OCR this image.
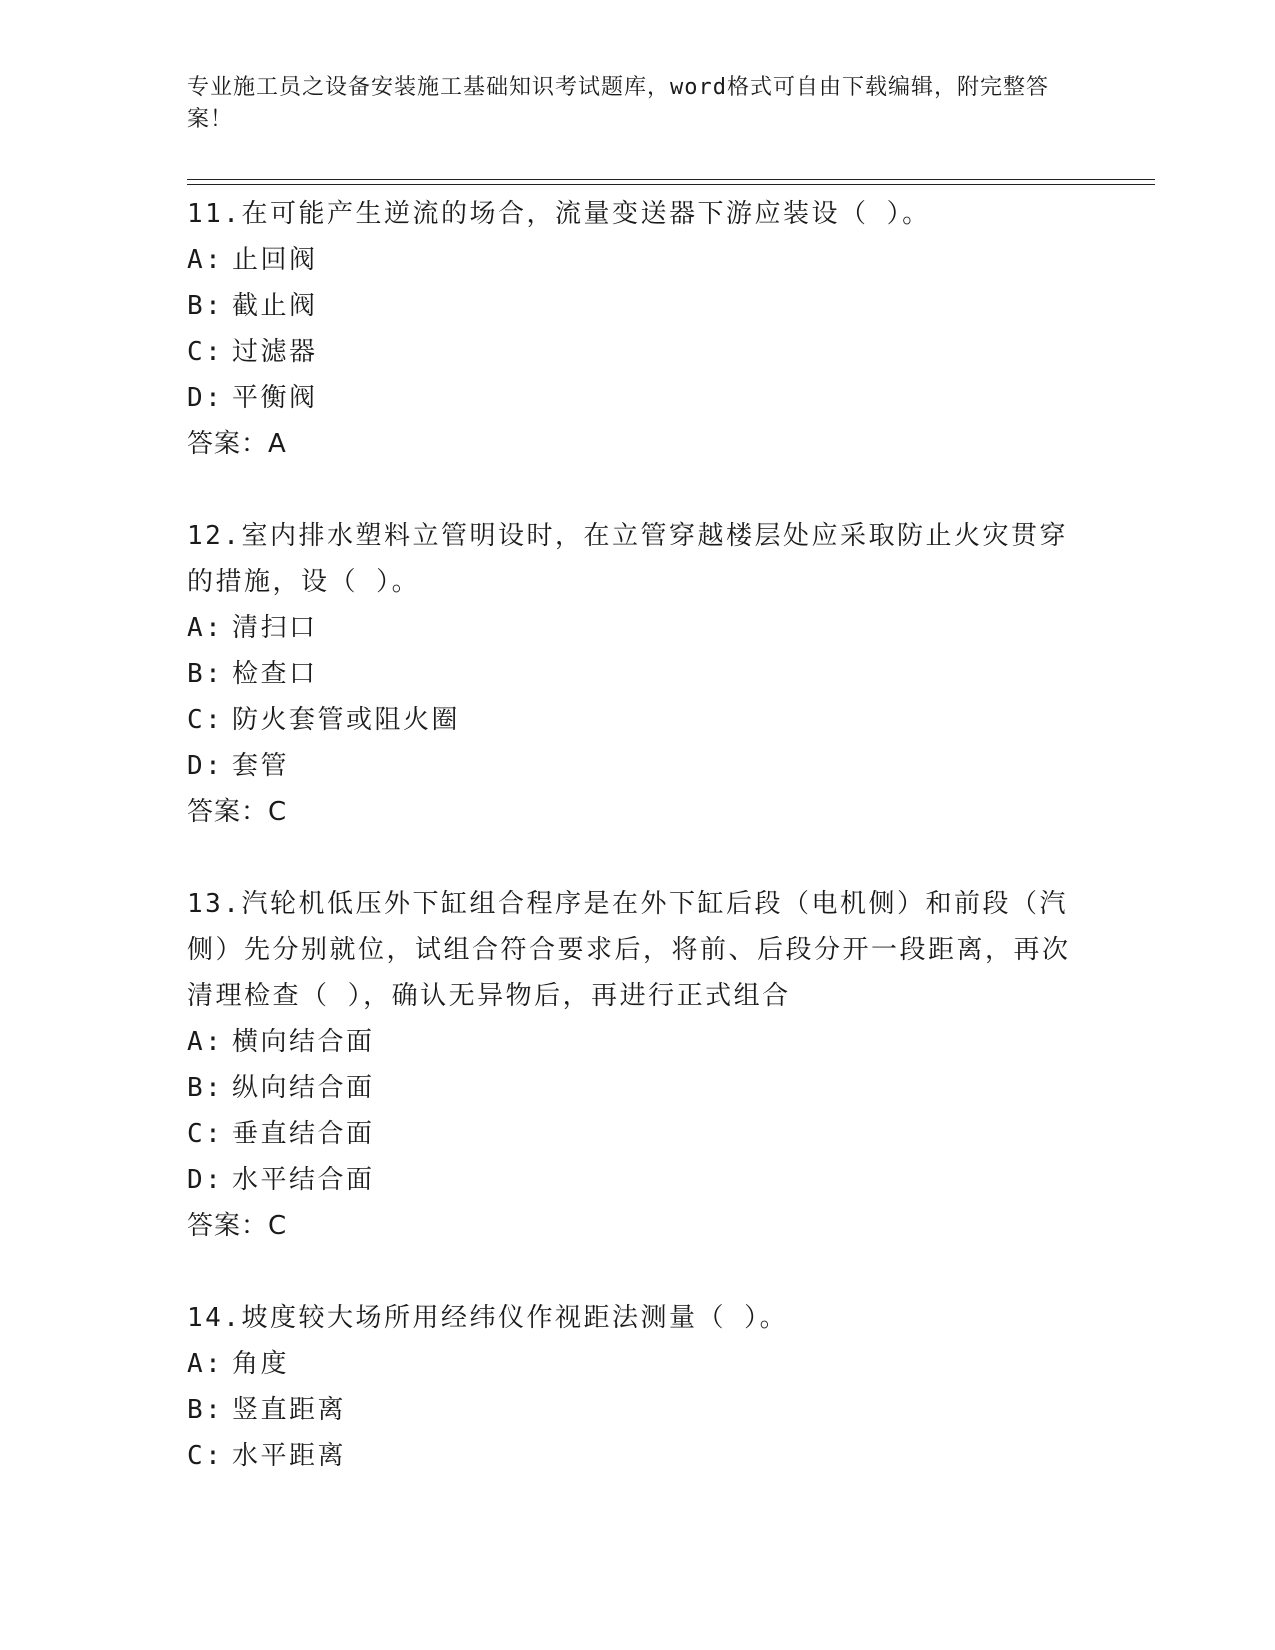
专业施工员之设备安装施工基础知识考试题库，word格式可自由下载编辑，附完整答案！
11.在可能产生逆流的场合，流量变送器下游应装设（ ）。
A: 止回阀
B: 截止阀
C: 过滤器
D: 平衡阀
答案：A
12.室内排水塑料立管明设时，在立管穿越楼层处应采取防止火灾贯穿的措施，设（ ）。
A: 清扫口
B: 检查口
C: 防火套管或阻火圈
D: 套管
答案：C
13.汽轮机低压外下缸组合程序是在外下缸后段（电机侧）和前段（汽侧）先分别就位，试组合符合要求后，将前、后段分开一段距离，再次清理检查（ ），确认无异物后，再进行正式组合
A: 横向结合面
B: 纵向结合面
C: 垂直结合面
D: 水平结合面
答案：C
14.坡度较大场所用经纬仪作视距法测量（ ）。
A: 角度
B: 竖直距离
C: 水平距离
